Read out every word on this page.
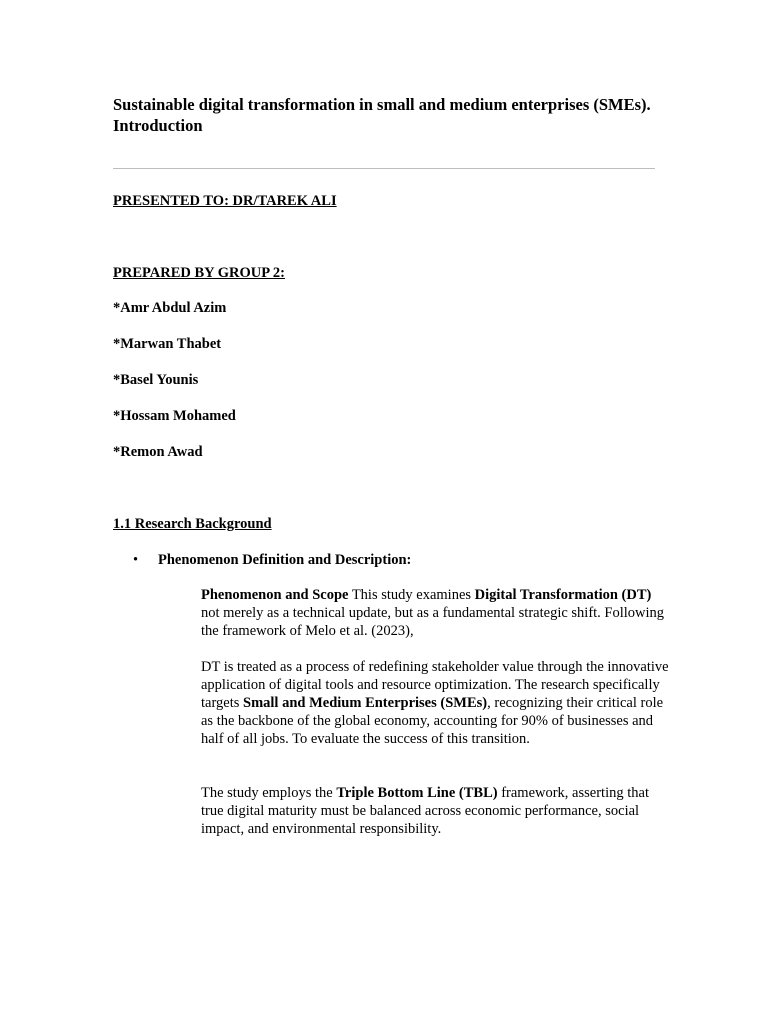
Sustainable digital transformation in small and medium enterprises (SMEs). Introduction
PRESENTED TO: DR/TAREK ALI
PREPARED BY GROUP 2:
*Amr Abdul Azim
*Marwan Thabet
*Basel Younis
*Hossam Mohamed
*Remon Awad
1.1 Research Background
•	Phenomenon Definition and Description:
Phenomenon and Scope This study examines Digital Transformation (DT) not merely as a technical update, but as a fundamental strategic shift. Following the framework of Melo et al. (2023),
DT is treated as a process of redefining stakeholder value through the innovative application of digital tools and resource optimization. The research specifically targets Small and Medium Enterprises (SMEs), recognizing their critical role as the backbone of the global economy, accounting for 90% of businesses and half of all jobs. To evaluate the success of this transition.
The study employs the Triple Bottom Line (TBL) framework, asserting that true digital maturity must be balanced across economic performance, social impact, and environmental responsibility.
